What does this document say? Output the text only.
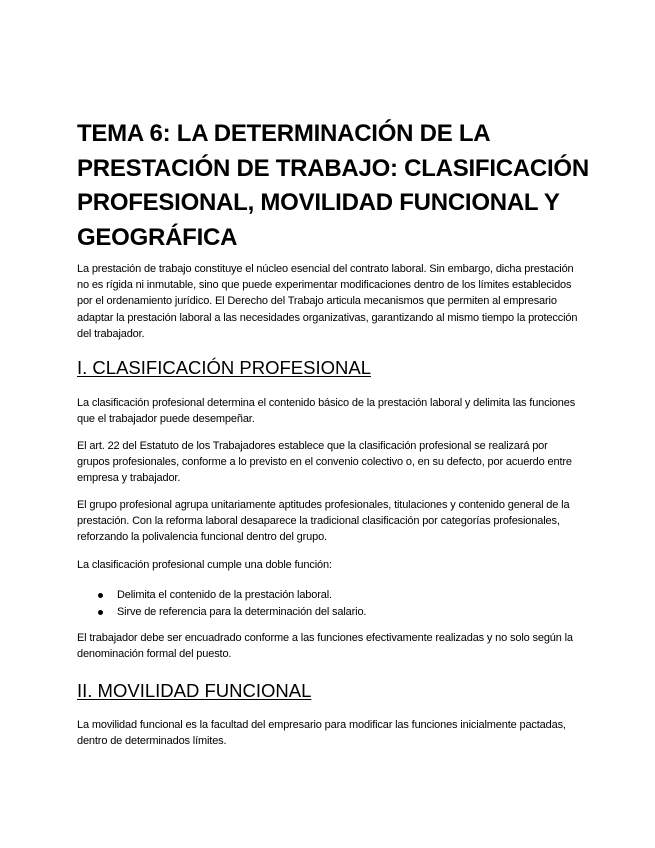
TEMA 6: LA DETERMINACIÓN DE LA PRESTACIÓN DE TRABAJO: CLASIFICACIÓN PROFESIONAL, MOVILIDAD FUNCIONAL Y GEOGRÁFICA

La prestación de trabajo constituye el núcleo esencial del contrato laboral. Sin embargo, dicha prestación no es rígida ni inmutable, sino que puede experimentar modificaciones dentro de los límites establecidos por el ordenamiento jurídico. El Derecho del Trabajo articula mecanismos que permiten al empresario adaptar la prestación laboral a las necesidades organizativas, garantizando al mismo tiempo la protección del trabajador.

I. CLASIFICACIÓN PROFESIONAL

La clasificación profesional determina el contenido básico de la prestación laboral y delimita las funciones que el trabajador puede desempeñar.

El art. 22 del Estatuto de los Trabajadores establece que la clasificación profesional se realizará por grupos profesionales, conforme a lo previsto en el convenio colectivo o, en su defecto, por acuerdo entre empresa y trabajador.

El grupo profesional agrupa unitariamente aptitudes profesionales, titulaciones y contenido general de la prestación. Con la reforma laboral desaparece la tradicional clasificación por categorías profesionales, reforzando la polivalencia funcional dentro del grupo.

La clasificación profesional cumple una doble función:

Delimita el contenido de la prestación laboral.
Sirve de referencia para la determinación del salario.

El trabajador debe ser encuadrado conforme a las funciones efectivamente realizadas y no solo según la denominación formal del puesto.

II. MOVILIDAD FUNCIONAL

La movilidad funcional es la facultad del empresario para modificar las funciones inicialmente pactadas, dentro de determinados límites.
